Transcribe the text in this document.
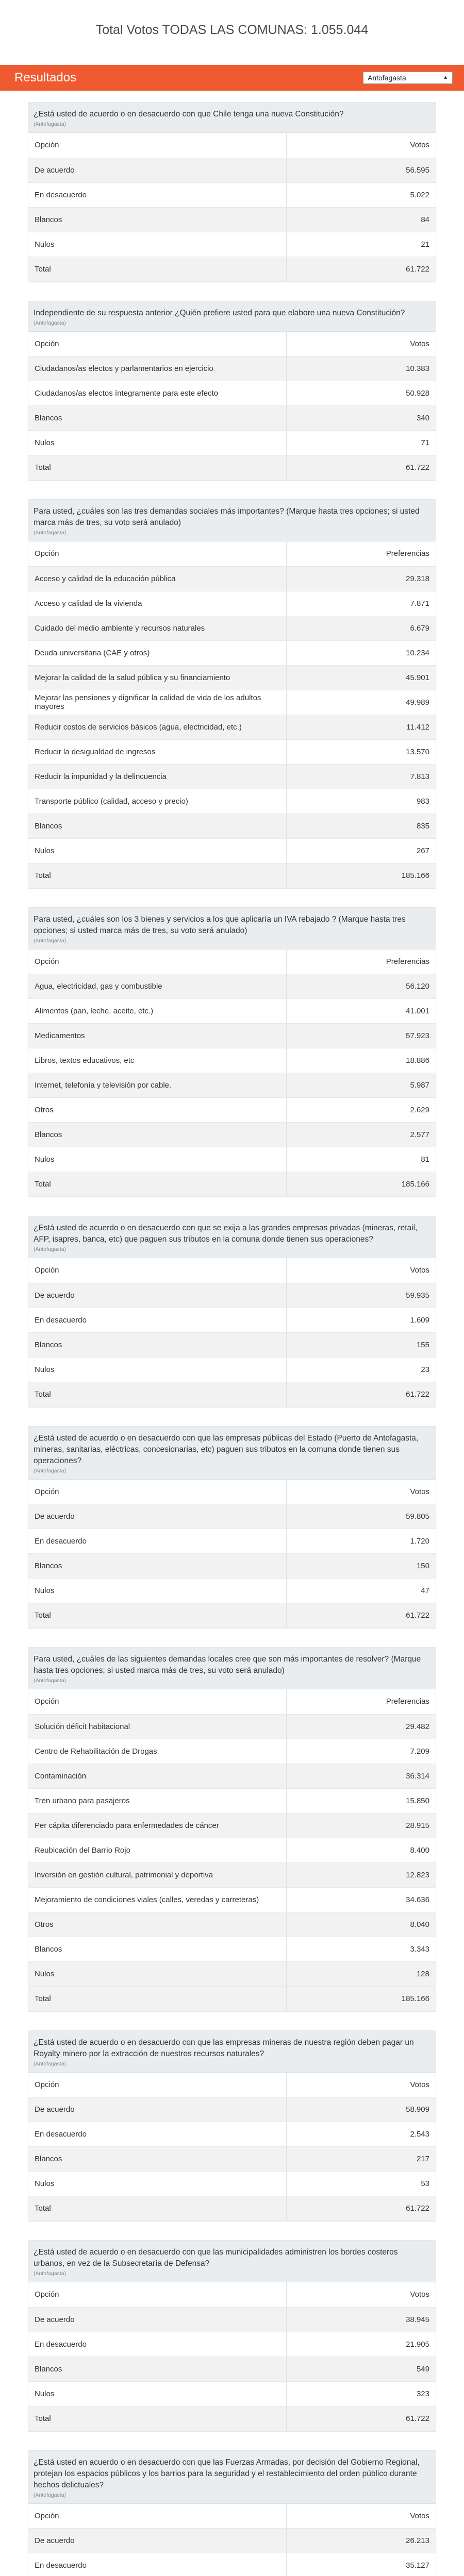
Total Votos TODAS LAS COMUNAS: 1.055.044
Resultados	Antofagasta	▲︎
¿Está usted de acuerdo o en desacuerdo con que Chile tenga una nueva Constitución?
(Antofagasta)
Opción	Votos
De acuerdo	56.595
En desacuerdo	5.022
Blancos	84
Nulos	21
Total	61.722
Independiente de su respuesta anterior ¿Quién prefiere usted para que elabore una nueva Constitución?
(Antofagasta)
Opción	Votos
Ciudadanos/as electos y parlamentarios en ejercicio	10.383
Ciudadanos/as electos íntegramente para este efecto	50.928
Blancos	340
Nulos	71
Total	61.722
Para usted, ¿cuáles son las tres demandas sociales más importantes? (Marque hasta tres opciones; si usted marca más de tres, su voto será anulado)
(Antofagasta)
Opción	Preferencias
Acceso y calidad de la educación pública	29.318
Acceso y calidad de la vivienda	7.871
Cuidado del medio ambiente y recursos naturales	6.679
Deuda universitaria (CAE y otros)	10.234
Mejorar la calidad de la salud pública y su financiamiento	45.901
Mejorar las pensiones y dignificar la calidad de vida de los adultos mayores	49.989
Reducir costos de servicios básicos (agua, electricidad, etc.)	11.412
Reducir la desigualdad de ingresos	13.570
Reducir la impunidad y la delincuencia	7.813
Transporte público (calidad, acceso y precio)	983
Blancos	835
Nulos	267
Total	185.166
Para usted, ¿cuáles son los 3 bienes y servicios a los que aplicaría un IVA rebajado ? (Marque hasta tres opciones; si usted marca más de tres, su voto será anulado)
(Antofagasta)
Opción	Preferencias
Agua, electricidad, gas y combustible	56.120
Alimentos (pan, leche, aceite, etc.)	41.001
Medicamentos	57.923
Libros, textos educativos, etc	18.886
Internet, telefonía y televisión por cable.	5.987
Otros	2.629
Blancos	2.577
Nulos	81
Total	185.166
¿Está usted de acuerdo o en desacuerdo con que se exija a las grandes empresas privadas (mineras, retail, AFP, isapres, banca, etc) que paguen sus tributos en la comuna donde tienen sus operaciones?
(Antofagasta)
Opción	Votos
De acuerdo	59.935
En desacuerdo	1.609
Blancos	155
Nulos	23
Total	61.722
¿Está usted de acuerdo o en desacuerdo con que las empresas públicas del Estado (Puerto de Antofagasta, mineras, sanitarias, eléctricas, concesionarias, etc) paguen sus tributos en la comuna donde tienen sus operaciones?
(Antofagasta)
Opción	Votos
De acuerdo	59.805
En desacuerdo	1.720
Blancos	150
Nulos	47
Total	61.722
Para usted, ¿cuáles de las siguientes demandas locales cree que son más importantes de resolver? (Marque hasta tres opciones; si usted marca más de tres, su voto será anulado)
(Antofagasta)
Opción	Preferencias
Solución déficit habitacional	29.482
Centro de Rehabilitación de Drogas	7.209
Contaminación	36.314
Tren urbano para pasajeros	15.850
Per cápita diferenciado para enfermedades de cáncer	28.915
Reubicación del Barrio Rojo	8.400
Inversión en gestión cultural, patrimonial y deportiva	12.823
Mejoramiento de condiciones viales (calles, veredas y carreteras)	34.636
Otros	8.040
Blancos	3.343
Nulos	128
Total	185.166
¿Está usted de acuerdo o en desacuerdo con que las empresas mineras de nuestra región deben pagar un Royalty minero por la extracción de nuestros recursos naturales?
(Antofagasta)
Opción	Votos
De acuerdo	58.909
En desacuerdo	2.543
Blancos	217
Nulos	53
Total	61.722
¿Está usted de acuerdo o en desacuerdo con que las municipalidades administren los bordes costeros urbanos, en vez de la Subsecretaría de Defensa?
(Antofagasta)
Opción	Votos
De acuerdo	38.945
En desacuerdo	21.905
Blancos	549
Nulos	323
Total	61.722
¿Está usted en acuerdo o en desacuerdo con que las Fuerzas Armadas, por decisión del Gobierno Regional, protejan los espacios públicos y los barrios para la seguridad y el restablecimiento del orden público durante hechos delictuales?
(Antofagasta)
Opción	Votos
De acuerdo	26.213
En desacuerdo	35.127
